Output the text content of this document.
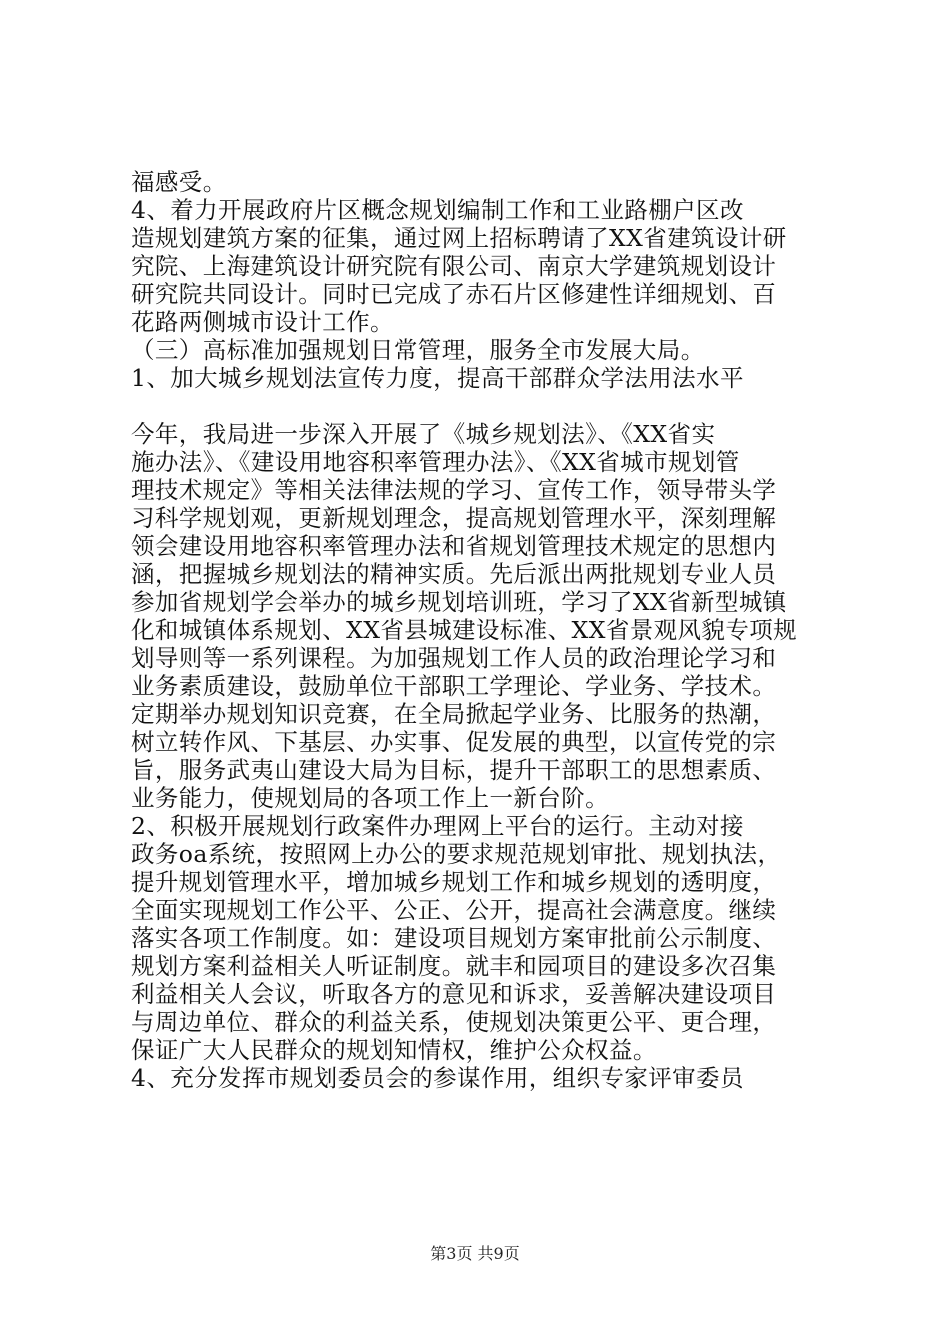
福感受。
4、着力开展政府片区概念规划编制工作和工业路棚户区改
造规划建筑方案的征集，通过网上招标聘请了XX省建筑设计研
究院、上海建筑设计研究院有限公司、南京大学建筑规划设计
研究院共同设计。同时已完成了赤石片区修建性详细规划、百
花路两侧城市设计工作。
（三）高标准加强规划日常管理，服务全市发展大局。
1、加大城乡规划法宣传力度，提高干部群众学法用法水平
今年，我局进一步深入开展了《城乡规划法》、《XX省实
施办法》、《建设用地容积率管理办法》、《XX省城市规划管
理技术规定》等相关法律法规的学习、宣传工作，领导带头学
习科学规划观，更新规划理念，提高规划管理水平，深刻理解
领会建设用地容积率管理办法和省规划管理技术规定的思想内
涵，把握城乡规划法的精神实质。先后派出两批规划专业人员
参加省规划学会举办的城乡规划培训班，学习了XX省新型城镇
化和城镇体系规划、XX省县城建设标准、XX省景观风貌专项规
划导则等一系列课程。为加强规划工作人员的政治理论学习和
业务素质建设，鼓励单位干部职工学理论、学业务、学技术。
定期举办规划知识竞赛，在全局掀起学业务、比服务的热潮，
树立转作风、下基层、办实事、促发展的典型，以宣传党的宗
旨，服务武夷山建设大局为目标，提升干部职工的思想素质、
业务能力，使规划局的各项工作上一新台阶。
2、积极开展规划行政案件办理网上平台的运行。主动对接
政务oa系统，按照网上办公的要求规范规划审批、规划执法，
提升规划管理水平，增加城乡规划工作和城乡规划的透明度，
全面实现规划工作公平、公正、公开，提高社会满意度。继续
落实各项工作制度。如：建设项目规划方案审批前公示制度、
规划方案利益相关人听证制度。就丰和园项目的建设多次召集
利益相关人会议，听取各方的意见和诉求，妥善解决建设项目
与周边单位、群众的利益关系，使规划决策更公平、更合理，
保证广大人民群众的规划知情权，维护公众权益。
4、充分发挥市规划委员会的参谋作用，组织专家评审委员
第3页 共9页
